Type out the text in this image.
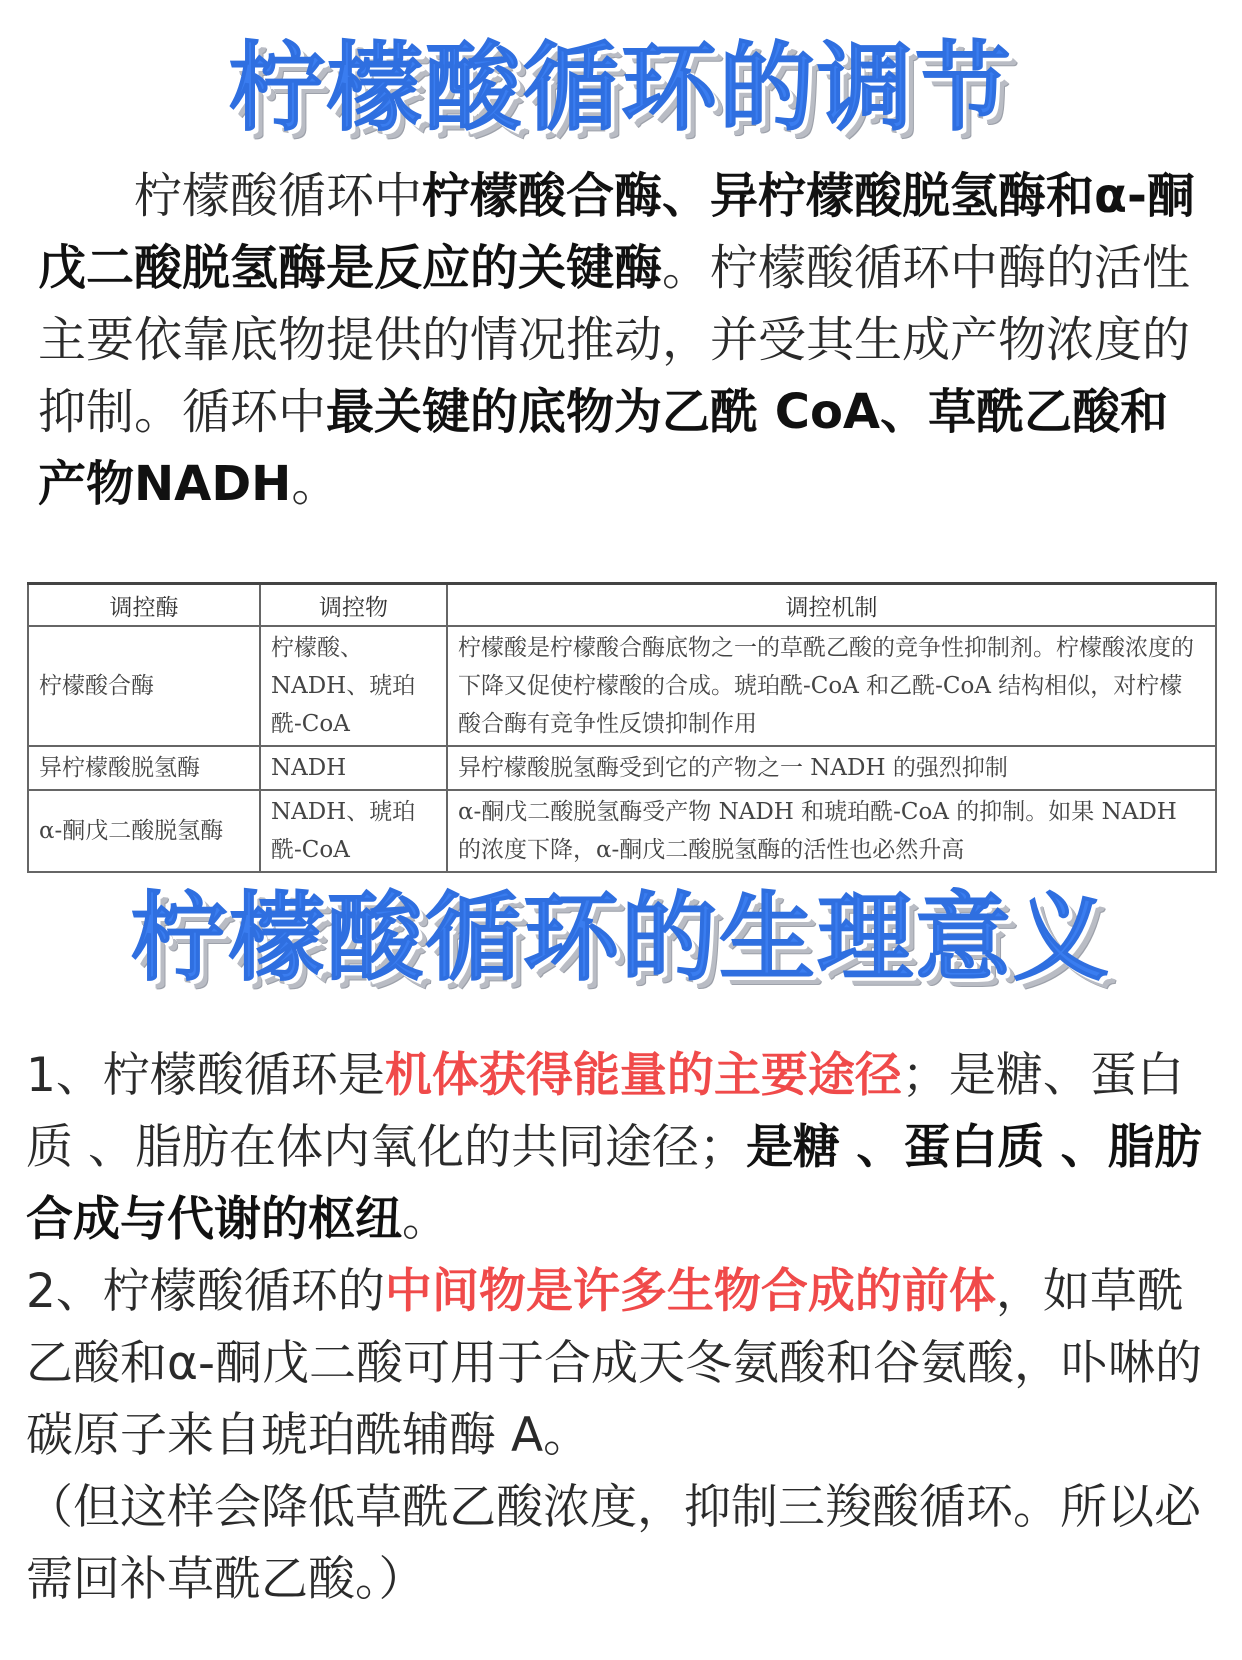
柠檬酸循环的调节
柠檬酸循环中柠檬酸合酶、异柠檬酸脱氢酶和α-酮戊二酸脱氢酶是反应的关键酶。柠檬酸循环中酶的活性主要依靠底物提供的情况推动，并受其生成产物浓度的抑制。循环中最关键的底物为乙酰 CoA、草酰乙酸和产物NADH。
调控酶	调控物	调控机制
柠檬酸合酶	柠檬酸、NADH、琥珀酰-CoA	柠檬酸是柠檬酸合酶底物之一的草酰乙酸的竞争性抑制剂。柠檬酸浓度的下降又促使柠檬酸的合成。琥珀酰-CoA 和乙酰-CoA 结构相似，对柠檬酸合酶有竞争性反馈抑制作用
异柠檬酸脱氢酶	NADH	异柠檬酸脱氢酶受到它的产物之一 NADH 的强烈抑制
α-酮戊二酸脱氢酶	NADH、琥珀酰-CoA	α-酮戊二酸脱氢酶受产物 NADH 和琥珀酰-CoA 的抑制。如果 NADH 的浓度下降，α-酮戊二酸脱氢酶的活性也必然升高
柠檬酸循环的生理意义

1、柠檬酸循环是机体获得能量的主要途径；是糖、蛋白质 、脂肪在体内氧化的共同途径；是糖 、蛋白质 、脂肪合成与代谢的枢纽。

2、柠檬酸循环的中间物是许多生物合成的前体，如草酰乙酸和α-酮戊二酸可用于合成天冬氨酸和谷氨酸，卟啉的碳原子来自琥珀酰辅酶 A。

（但这样会降低草酰乙酸浓度，抑制三羧酸循环。所以必需回补草酰乙酸。）
